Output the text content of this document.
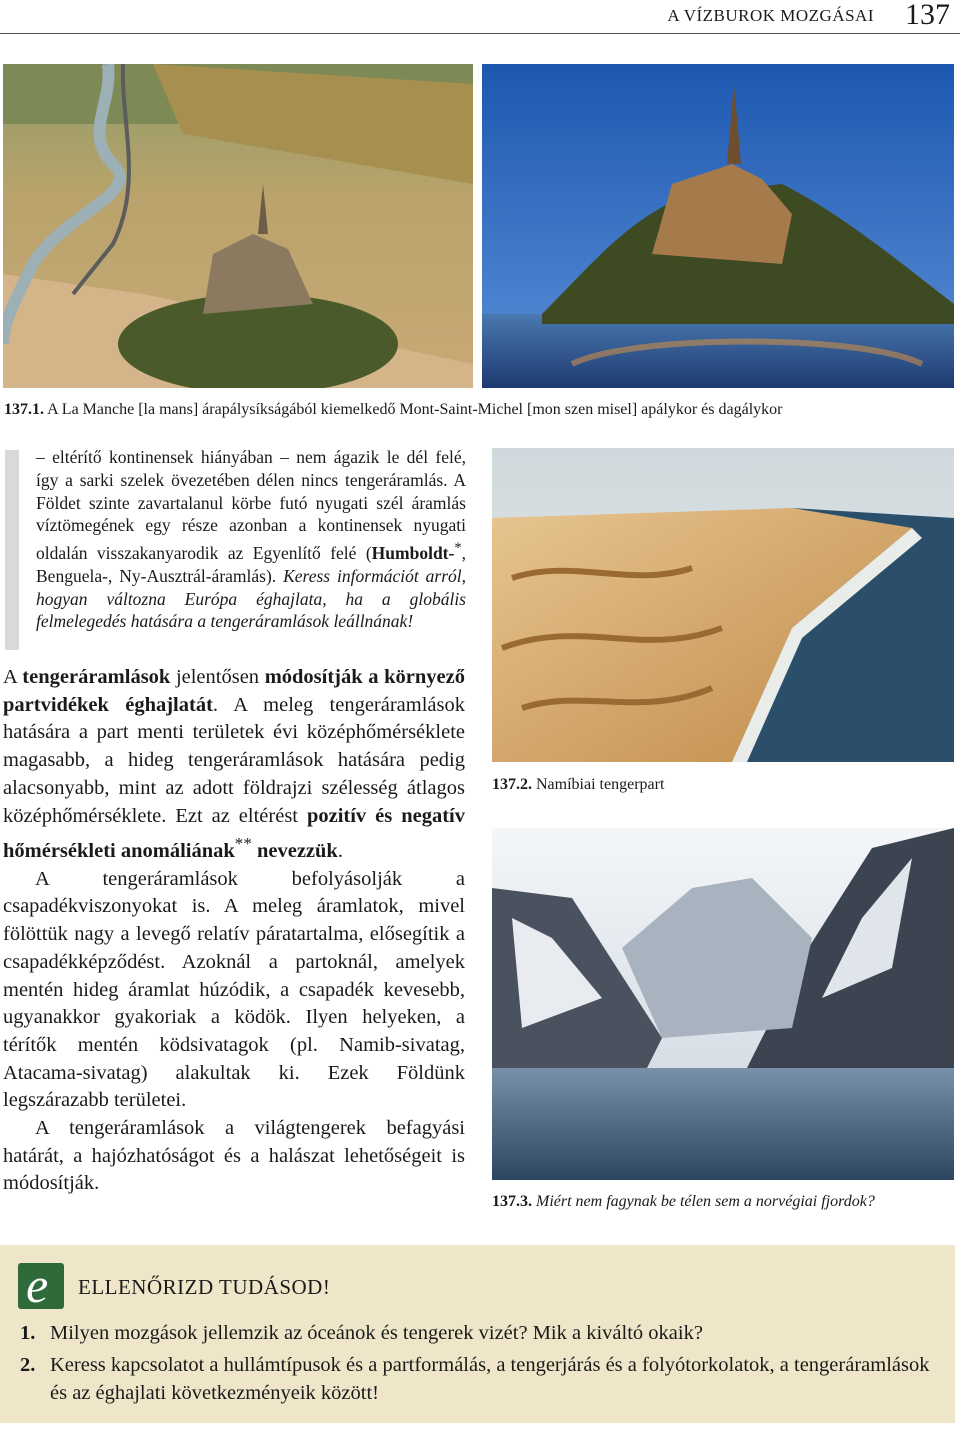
A VÍZBUROK MOZGÁSAI 137
137.1. A La Manche [la mans] árapálysíkságából kiemelkedő Mont-Saint-Michel [mon szen misel] apálykor és dagálykor
– eltérítő kontinensek hiányában – nem ágazik le dél felé, így a sarki szelek övezetében délen nincs tengeráramlás. A Földet szinte zavartalanul körbe futó nyugati szél áramlás víztömegének egy része azonban a kontinensek nyugati oldalán visszakanyarodik az Egyenlítő felé (Humboldt-*, Benguela-, Ny-Ausztrál-áramlás). Keress információt arról, hogyan változna Európa éghajlata, ha a globális felmelegedés hatására a tengeráramlások leállnának!

A tengeráramlások jelentősen módosítják a környező partvidékek éghajlatát. A meleg tengeráramlások hatására a part menti területek évi középhőmérséklete magasabb, a hideg tengeráramlások hatására pedig alacsonyabb, mint az adott földrajzi szélesség átlagos középhőmérséklete. Ezt az eltérést pozitív és negatív hőmérsékleti anomáliának** nevezzük.

A tengeráramlások befolyásolják a csapadékviszonyokat is. A meleg áramlatok, mivel fölöttük nagy a levegő relatív páratartalma, elősegítik a csapadékképződést. Azoknál a partoknál, amelyek mentén hideg áramlat húzódik, a csapadék kevesebb, ugyanakkor gyakoriak a ködök. Ilyen helyeken, a térítők mentén ködsivatagok (pl. Namib-sivatag, Atacama-sivatag) alakultak ki. Ezek Földünk legszárazabb területei.

A tengeráramlások a világtengerek befagyási határát, a hajózhatóságot és a halászat lehetőségeit is módosítják.

137.2. Namíbiai tengerpart
137.3. Miért nem fagynak be télen sem a norvégiai fjordok?
e ELLENŐRIZD TUDÁSOD!
1. Milyen mozgások jellemzik az óceánok és tengerek vizét? Mik a kiváltó okaik?
2. Keress kapcsolatot a hullámtípusok és a partformálás, a tengerjárás és a folyótorkolatok, a tengeráramlások és az éghajlati következményeik között!
